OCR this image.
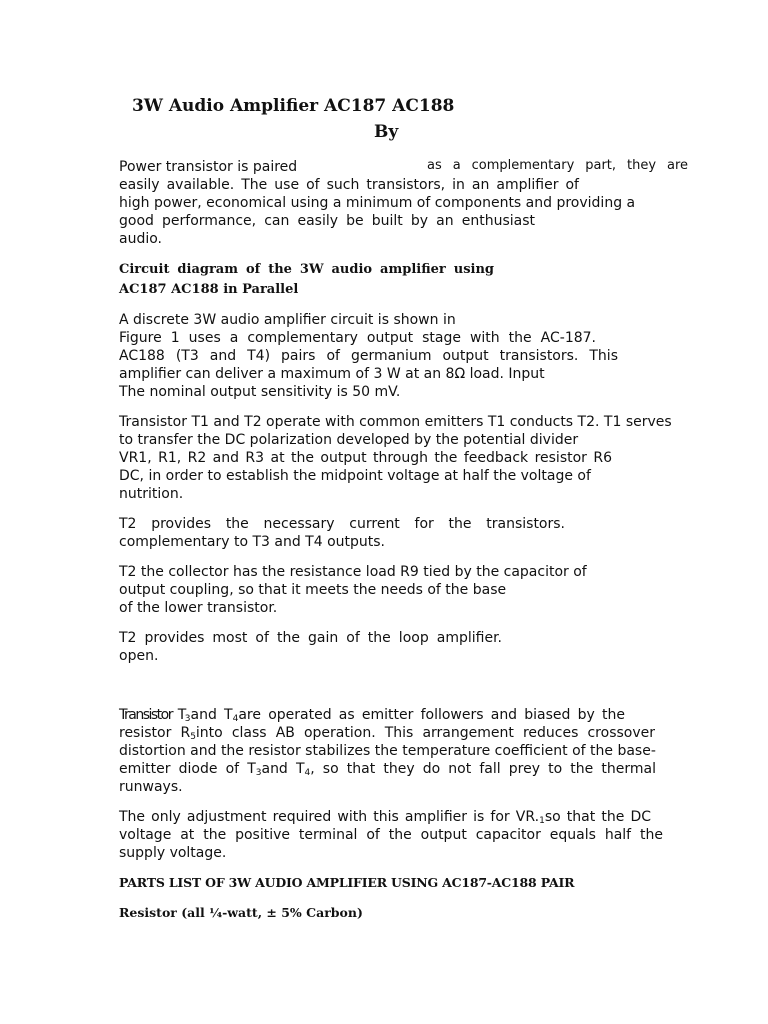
3W Audio Amplifier AC187 AC188
By
Power transistor is paired	as a complementary part, they are
easily available. The use of such transistors, in an amplifier of
high power, economical using a minimum of components and providing a
good performance, can easily be built by an enthusiast
audio.
Circuit diagram of the 3W audio amplifier using
AC187 AC188 in Parallel
A discrete 3W audio amplifier circuit is shown in
Figure 1 uses a complementary output stage with the AC-187.
AC188 (T3 and T4) pairs of germanium output transistors. This
amplifier can deliver a maximum of 3 W at an 8Ω load. Input
The nominal output sensitivity is 50 mV.
Transistor T1 and T2 operate with common emitters T1 conducts T2. T1 serves
to transfer the DC polarization developed by the potential divider
VR1, R1, R2 and R3 at the output through the feedback resistor R6
DC, in order to establish the midpoint voltage at half the voltage of
nutrition.
T2 provides the necessary current for the transistors.
complementary to T3 and T4 outputs.
T2 the collector has the resistance load R9 tied by the capacitor of
output coupling, so that it meets the needs of the base
of the lower transistor.
T2 provides most of the gain of the loop amplifier.
open.
Transistor $T_3and$ $T_4are$ operated as emitter followers and biased by the
resistor $R_5into$ class AB operation. This arrangement reduces crossover
distortion and the resistor stabilizes the temperature coefficient of the base-
emitter diode of $T_3and$ $T_4$, so that they do not fall prey to the thermal
runways.
The only adjustment required with this amplifier is for $VR._1so$ that the DC
voltage at the positive terminal of the output capacitor equals half the
supply voltage.
PARTS LIST OF 3W AUDIO AMPLIFIER USING AC187-AC188 PAIR
Resistor (all ¼-watt, ± 5% Carbon)
